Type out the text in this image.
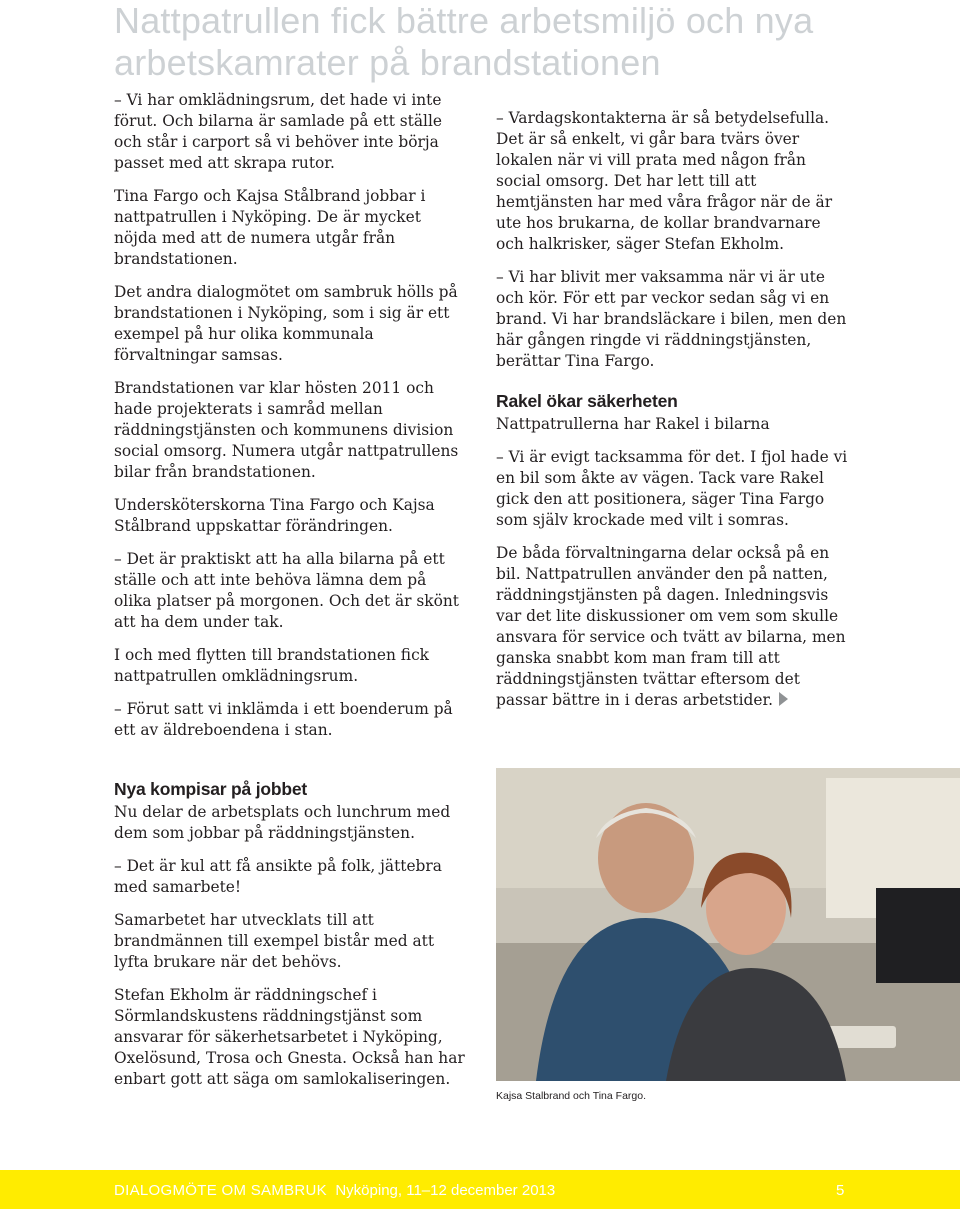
Nattpatrullen fick bättre arbetsmiljö och nya arbetskamrater på brandstationen

– Vi har omklädningsrum, det hade vi inte förut. Och bilarna är samlade på ett ställe och står i carport så vi behöver inte börja passet med att skrapa rutor.

Tina Fargo och Kajsa Stålbrand jobbar i nattpatrullen i Nyköping. De är mycket nöjda med att de numera utgår från brandstationen.

Det andra dialogmötet om sambruk hölls på brandstationen i Nyköping, som i sig är ett exempel på hur olika kommunala förvaltningar samsas.

Brandstationen var klar hösten 2011 och hade projekterats i samråd mellan räddningstjänsten och kommunens division social omsorg. Numera utgår nattpatrullens bilar från brandstationen.

Undersköterskorna Tina Fargo och Kajsa Stålbrand uppskattar förändringen.

– Det är praktiskt att ha alla bilarna på ett ställe och att inte behöva lämna dem på olika platser på morgonen. Och det är skönt att ha dem under tak.

I och med flytten till brandstationen fick nattpatrullen omklädningsrum.

– Förut satt vi inklämda i ett boenderum på ett av äldreboendena i stan.

– Vardagskontakterna är så betydelsefulla. Det är så enkelt, vi går bara tvärs över lokalen när vi vill prata med någon från social omsorg. Det har lett till att hemtjänsten har med våra frågor när de är ute hos brukarna, de kollar brandvarnare och halkrisker, säger Stefan Ekholm.

– Vi har blivit mer vaksamma när vi är ute och kör. För ett par veckor sedan såg vi en brand. Vi har brandsläckare i bilen, men den här gången ringde vi räddningstjänsten, berättar Tina Fargo.

Rakel ökar säkerheten

Nattpatrullerna har Rakel i bilarna

– Vi är evigt tacksamma för det. I fjol hade vi en bil som åkte av vägen. Tack vare Rakel gick den att positionera, säger Tina Fargo som själv krockade med vilt i somras.

De båda förvaltningarna delar också på en bil. Nattpatrullen använder den på natten, räddningstjänsten på dagen. Inledningsvis var det lite diskussioner om vem som skulle ansvara för service och tvätt av bilarna, men ganska snabbt kom man fram till att räddningstjänsten tvättar eftersom det passar bättre in i deras arbetstider.

Nya kompisar på jobbet

Nu delar de arbetsplats och lunchrum med dem som jobbar på räddningstjänsten.

– Det är kul att få ansikte på folk, jättebra med samarbete!

Samarbetet har utvecklats till att brandmännen till exempel bistår med att lyfta brukare när det behövs.

Stefan Ekholm är räddningschef i Sörmlandskustens räddningstjänst som ansvarar för säkerhetsarbetet i Nyköping, Oxelösund, Trosa och Gnesta. Också han har enbart gott att säga om samlokaliseringen.

Kajsa Stalbrand och Tina Fargo.
DIALOGMÖTE OM SAMBRUK Nyköping, 11–12 december 2013	5
